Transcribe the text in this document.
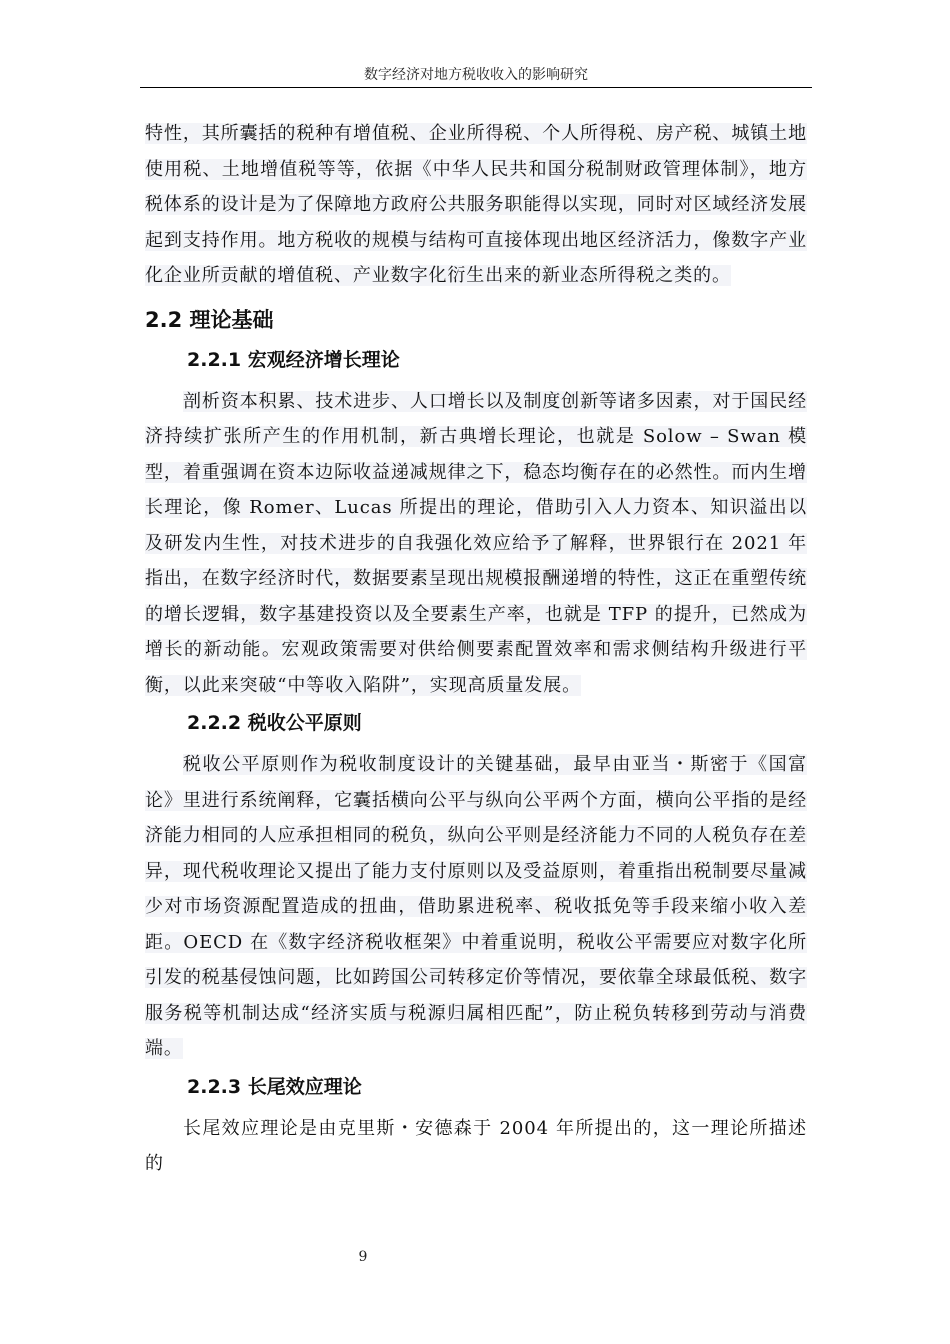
数字经济对地方税收收入的影响研究

特性，其所囊括的税种有增值税、企业所得税、个人所得税、房产税、城镇土地使用税、土地增值税等等，依据《中华人民共和国分税制财政管理体制》，地方税体系的设计是为了保障地方政府公共服务职能得以实现，同时对区域经济发展起到支持作用。地方税收的规模与结构可直接体现出地区经济活力，像数字产业化企业所贡献的增值税、产业数字化衍生出来的新业态所得税之类的。

2.2 理论基础
2.2.1 宏观经济增长理论

剖析资本积累、技术进步、人口增长以及制度创新等诸多因素，对于国民经济持续扩张所产生的作用机制，新古典增长理论，也就是 Solow – Swan 模型，着重强调在资本边际收益递减规律之下，稳态均衡存在的必然性。而内生增长理论，像 Romer、Lucas 所提出的理论，借助引入人力资本、知识溢出以及研发内生性，对技术进步的自我强化效应给予了解释，世界银行在 2021 年指出，在数字经济时代，数据要素呈现出规模报酬递增的特性，这正在重塑传统的增长逻辑，数字基建投资以及全要素生产率，也就是 TFP 的提升，已然成为增长的新动能。宏观政策需要对供给侧要素配置效率和需求侧结构升级进行平衡，以此来突破“中等收入陷阱”，实现高质量发展。

2.2.2 税收公平原则

税收公平原则作为税收制度设计的关键基础，最早由亚当・斯密于《国富论》里进行系统阐释，它囊括横向公平与纵向公平两个方面，横向公平指的是经济能力相同的人应承担相同的税负，纵向公平则是经济能力不同的人税负存在差异，现代税收理论又提出了能力支付原则以及受益原则，着重指出税制要尽量减少对市场资源配置造成的扭曲，借助累进税率、税收抵免等手段来缩小收入差距。OECD 在《数字经济税收框架》中着重说明，税收公平需要应对数字化所引发的税基侵蚀问题，比如跨国公司转移定价等情况，要依靠全球最低税、数字服务税等机制达成“经济实质与税源归属相匹配”，防止税负转移到劳动与消费端。

2.2.3 长尾效应理论

长尾效应理论是由克里斯・安德森于 2004 年所提出的，这一理论所描述的

9
